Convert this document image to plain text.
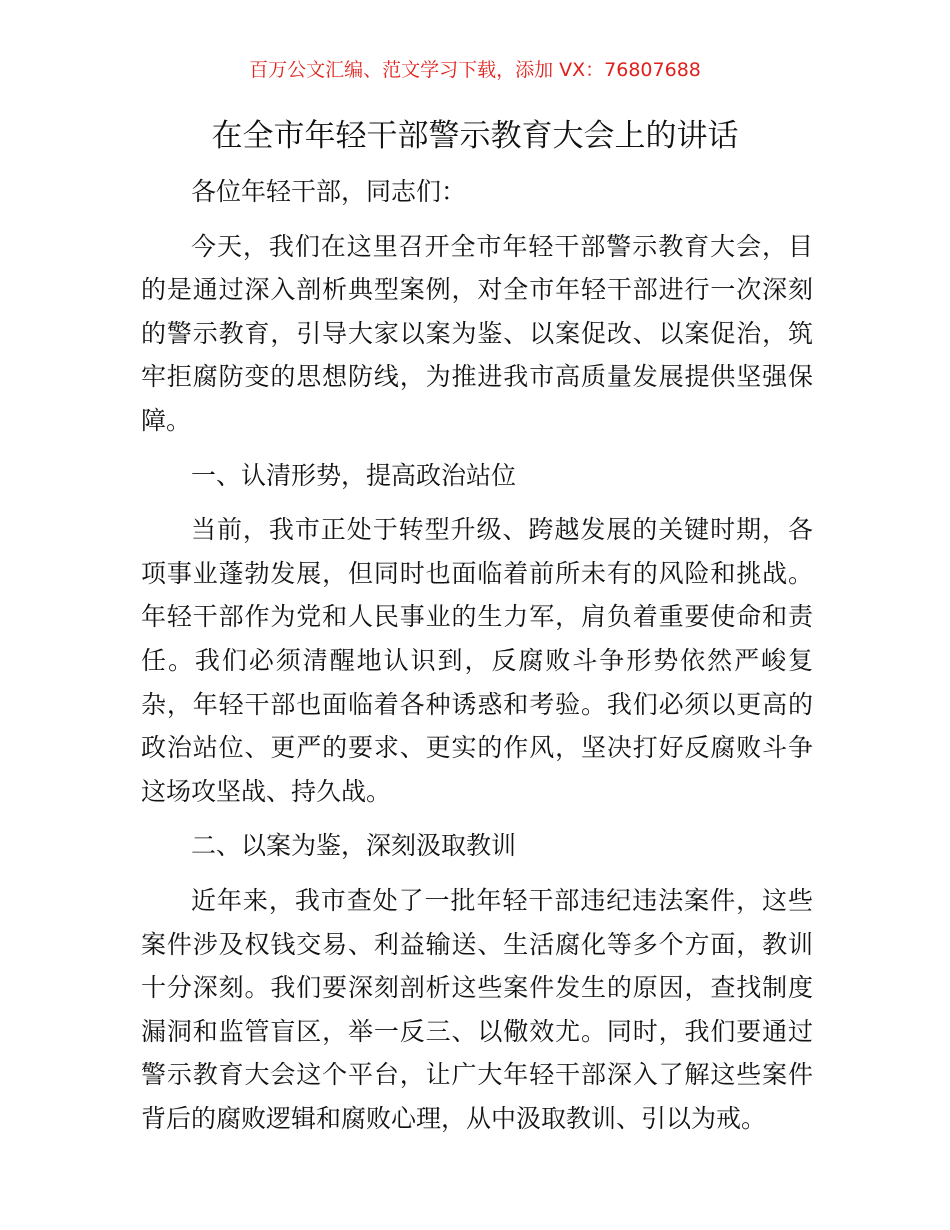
百万公文汇编、范文学习下载，添加 VX：76807688
在全市年轻干部警示教育大会上的讲话

各位年轻干部，同志们：

今天，我们在这里召开全市年轻干部警示教育大会，目的是通过深入剖析典型案例，对全市年轻干部进行一次深刻的警示教育，引导大家以案为鉴、以案促改、以案促治，筑牢拒腐防变的思想防线，为推进我市高质量发展提供坚强保障。

一、认清形势，提高政治站位

当前，我市正处于转型升级、跨越发展的关键时期，各项事业蓬勃发展，但同时也面临着前所未有的风险和挑战。年轻干部作为党和人民事业的生力军，肩负着重要使命和责任。我们必须清醒地认识到，反腐败斗争形势依然严峻复杂，年轻干部也面临着各种诱惑和考验。我们必须以更高的政治站位、更严的要求、更实的作风，坚决打好反腐败斗争这场攻坚战、持久战。

二、以案为鉴，深刻汲取教训

近年来，我市查处了一批年轻干部违纪违法案件，这些案件涉及权钱交易、利益输送、生活腐化等多个方面，教训十分深刻。我们要深刻剖析这些案件发生的原因，查找制度漏洞和监管盲区，举一反三、以儆效尤。同时，我们要通过警示教育大会这个平台，让广大年轻干部深入了解这些案件背后的腐败逻辑和腐败心理，从中汲取教训、引以为戒。
